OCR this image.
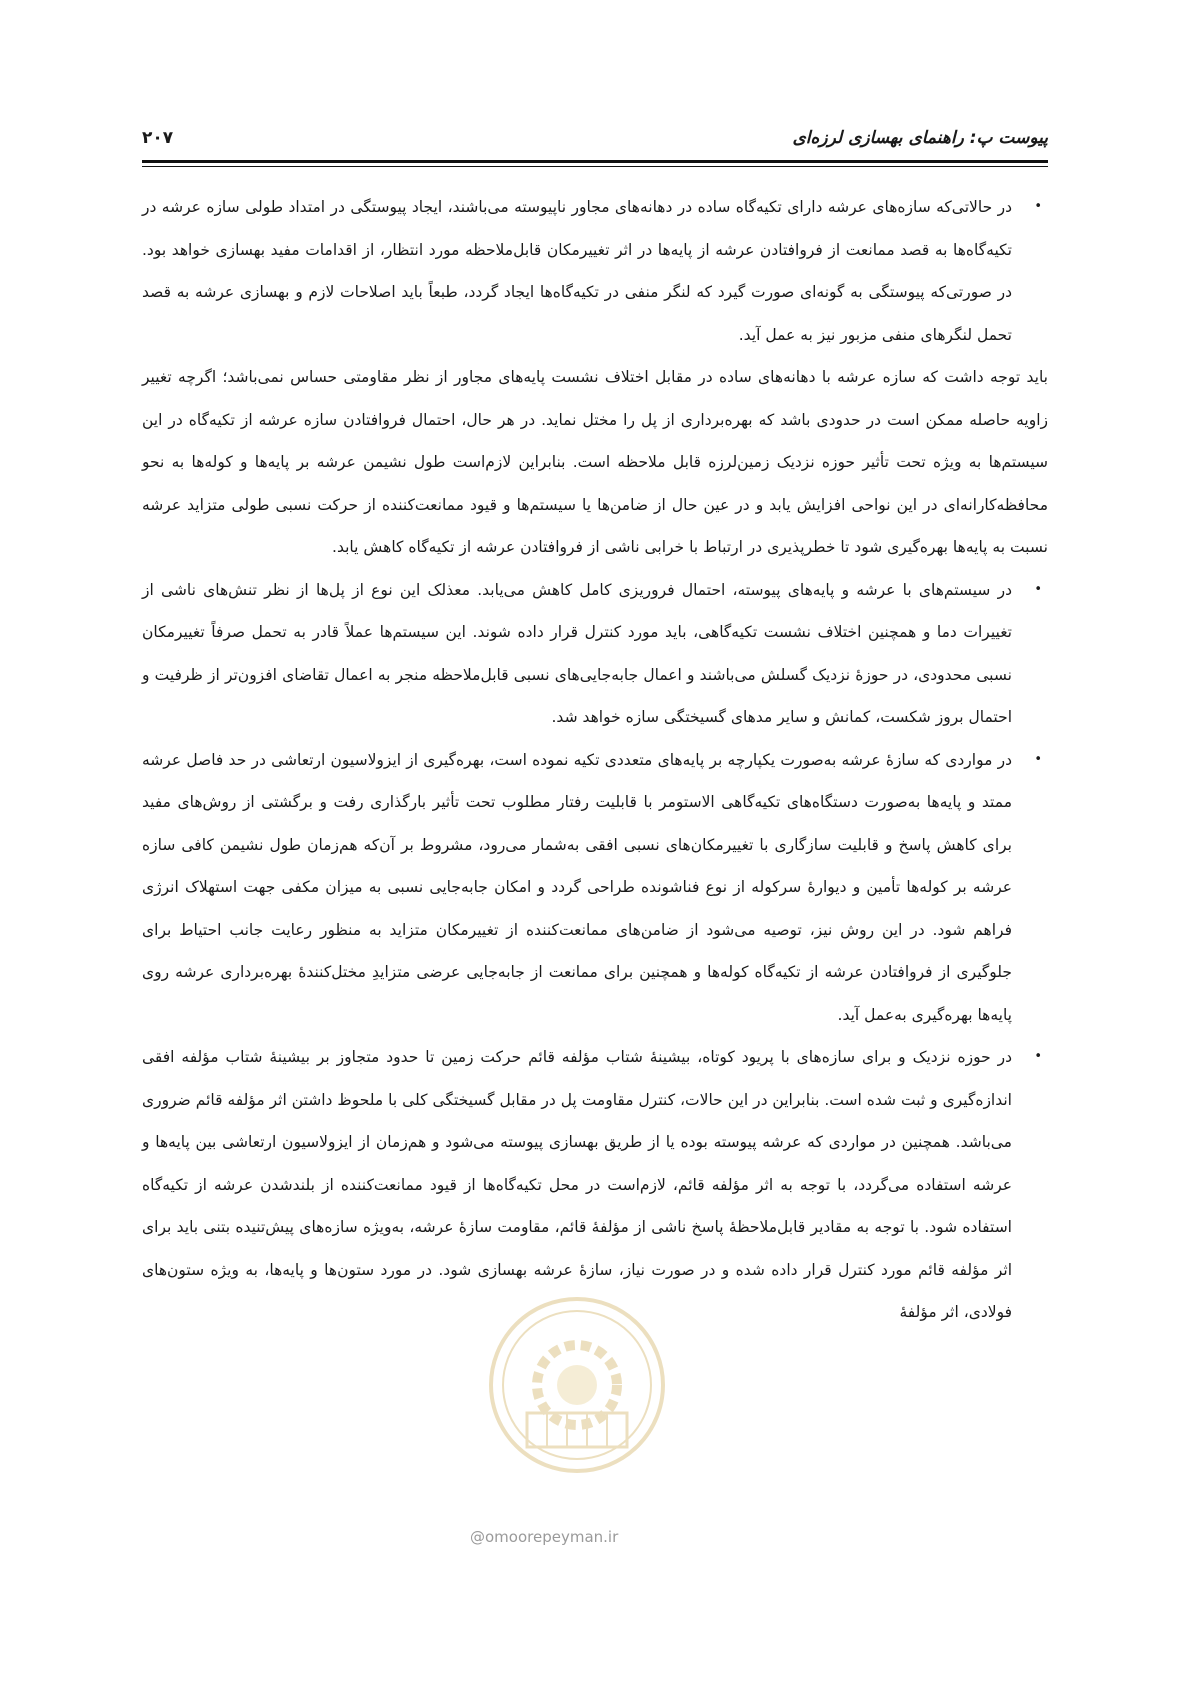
پیوست پ: راهنمای بهسازی لرزه‌ای
۲۰۷
•

در حالاتی‌که سازه‌های عرشه دارای تکیه‌گاه ساده در دهانه‌های مجاور ناپیوسته می‌باشند، ایجاد پیوستگی در امتداد طولی سازه عرشه در تکیه‌گاه‌ها به قصد ممانعت از فروافتادن عرشه از پایه‌ها در اثر تغییرمکان قابل‌ملاحظه مورد انتظار، از اقدامات مفید بهسازی خواهد بود. در صورتی‌که پیوستگی به گونه‌ای صورت گیرد که لنگر منفی در تکیه‌گاه‌ها ایجاد گردد، طبعاً باید اصلاحات لازم و بهسازی عرشه به قصد تحمل لنگرهای منفی مزبور نیز به عمل آید.

باید توجه داشت که سازه عرشه با دهانه‌های ساده در مقابل اختلاف نشست پایه‌های مجاور از نظر مقاومتی حساس نمی‌باشد؛ اگرچه تغییر زاویه حاصله ممکن است در حدودی باشد که بهره‌برداری از پل را مختل نماید. در هر حال، احتمال فروافتادن سازه عرشه از تکیه‌گاه در این سیستم‌ها به ویژه تحت تأثیر حوزه نزدیک زمین‌لرزه قابل ملاحظه است. بنابراین لازم‌است طول نشیمن عرشه بر پایه‌ها و کوله‌ها به نحو محافظه‌کارانه‌ای در این نواحی افزایش یابد و در عین حال از ضامن‌ها یا سیستم‌ها و قیود ممانعت‌کننده از حرکت نسبی طولی متزاید عرشه نسبت به پایه‌ها بهره‌گیری شود تا خطرپذیری در ارتباط با خرابی ناشی از فروافتادن عرشه از تکیه‌گاه کاهش یابد.

•

در سیستم‌های با عرشه و پایه‌های پیوسته، احتمال فروریزی کامل کاهش می‌یابد. معذلک این نوع از پل‌ها از نظر تنش‌های ناشی از تغییرات دما و همچنین اختلاف نشست تکیه‌گاهی، باید مورد کنترل قرار داده شوند. این سیستم‌ها عملاً قادر به تحمل صرفاً تغییرمکان نسبی محدودی، در حوزۀ نزدیک گسلش می‌باشند و اعمال جابه‌جایی‌های نسبی قابل‌ملاحظه منجر به اعمال تقاضای افزون‌تر از ظرفیت و احتمال بروز شکست، کمانش و سایر مدهای گسیختگی سازه خواهد شد.

•

در مواردی که سازۀ عرشه به‌صورت یکپارچه بر پایه‌های متعددی تکیه نموده است، بهره‌گیری از ایزولاسیون ارتعاشی در حد فاصل عرشه ممتد و پایه‌ها به‌صورت دستگاه‌های تکیه‌گاهی الاستومر با قابلیت رفتار مطلوب تحت تأثیر بارگذاری رفت و برگشتی از روش‌های مفید برای کاهش پاسخ و قابلیت سازگاری با تغییرمکان‌های نسبی افقی به‌شمار می‌رود، مشروط بر آن‌که هم‌زمان طول نشیمن کافی سازه عرشه بر کوله‌ها تأمین و دیوارۀ سرکوله از نوع فناشونده طراحی گردد و امکان جابه‌جایی نسبی به میزان مکفی جهت استهلاک انرژی فراهم شود. در این روش نیز، توصیه می‌شود از ضامن‌های ممانعت‌کننده از تغییرمکان متزاید به منظور رعایت جانب احتیاط برای جلوگیری از فروافتادن عرشه از تکیه‌گاه کوله‌ها و همچنین برای ممانعت از جابه‌جایی عرضی متزایدِ مختل‌کنندۀ بهره‌برداری عرشه روی پایه‌ها بهره‌گیری به‌عمل آید.

•

در حوزه نزدیک و برای سازه‌های با پریود کوتاه، بیشینۀ شتاب مؤلفه قائم حرکت زمین تا حدود متجاوز بر بیشینۀ شتاب مؤلفه افقی اندازه‌گیری و ثبت شده است. بنابراین در این حالات، کنترل مقاومت پل در مقابل گسیختگی کلی با ملحوظ داشتن اثر مؤلفه قائم ضروری می‌باشد. همچنین در مواردی که عرشه پیوسته بوده یا از طریق بهسازی پیوسته می‌شود و هم‌زمان از ایزولاسیون ارتعاشی بین پایه‌ها و عرشه استفاده می‌گردد، با توجه به اثر مؤلفه قائم، لازم‌است در محل تکیه‌گاه‌ها از قیود ممانعت‌کننده از بلندشدن عرشه از تکیه‌گاه استفاده شود. با توجه به مقادیر قابل‌ملاحظۀ پاسخ ناشی از مؤلفۀ قائم، مقاومت سازۀ عرشه، به‌ویژه سازه‌های پیش‌تنیده بتنی باید برای اثر مؤلفه قائم مورد کنترل قرار داده شده و در صورت نیاز، سازۀ عرشه بهسازی شود. در مورد ستون‌ها و پایه‌ها، به ویژه ستون‌های فولادی، اثر مؤلفۀ

@omoorepeyman.ir
